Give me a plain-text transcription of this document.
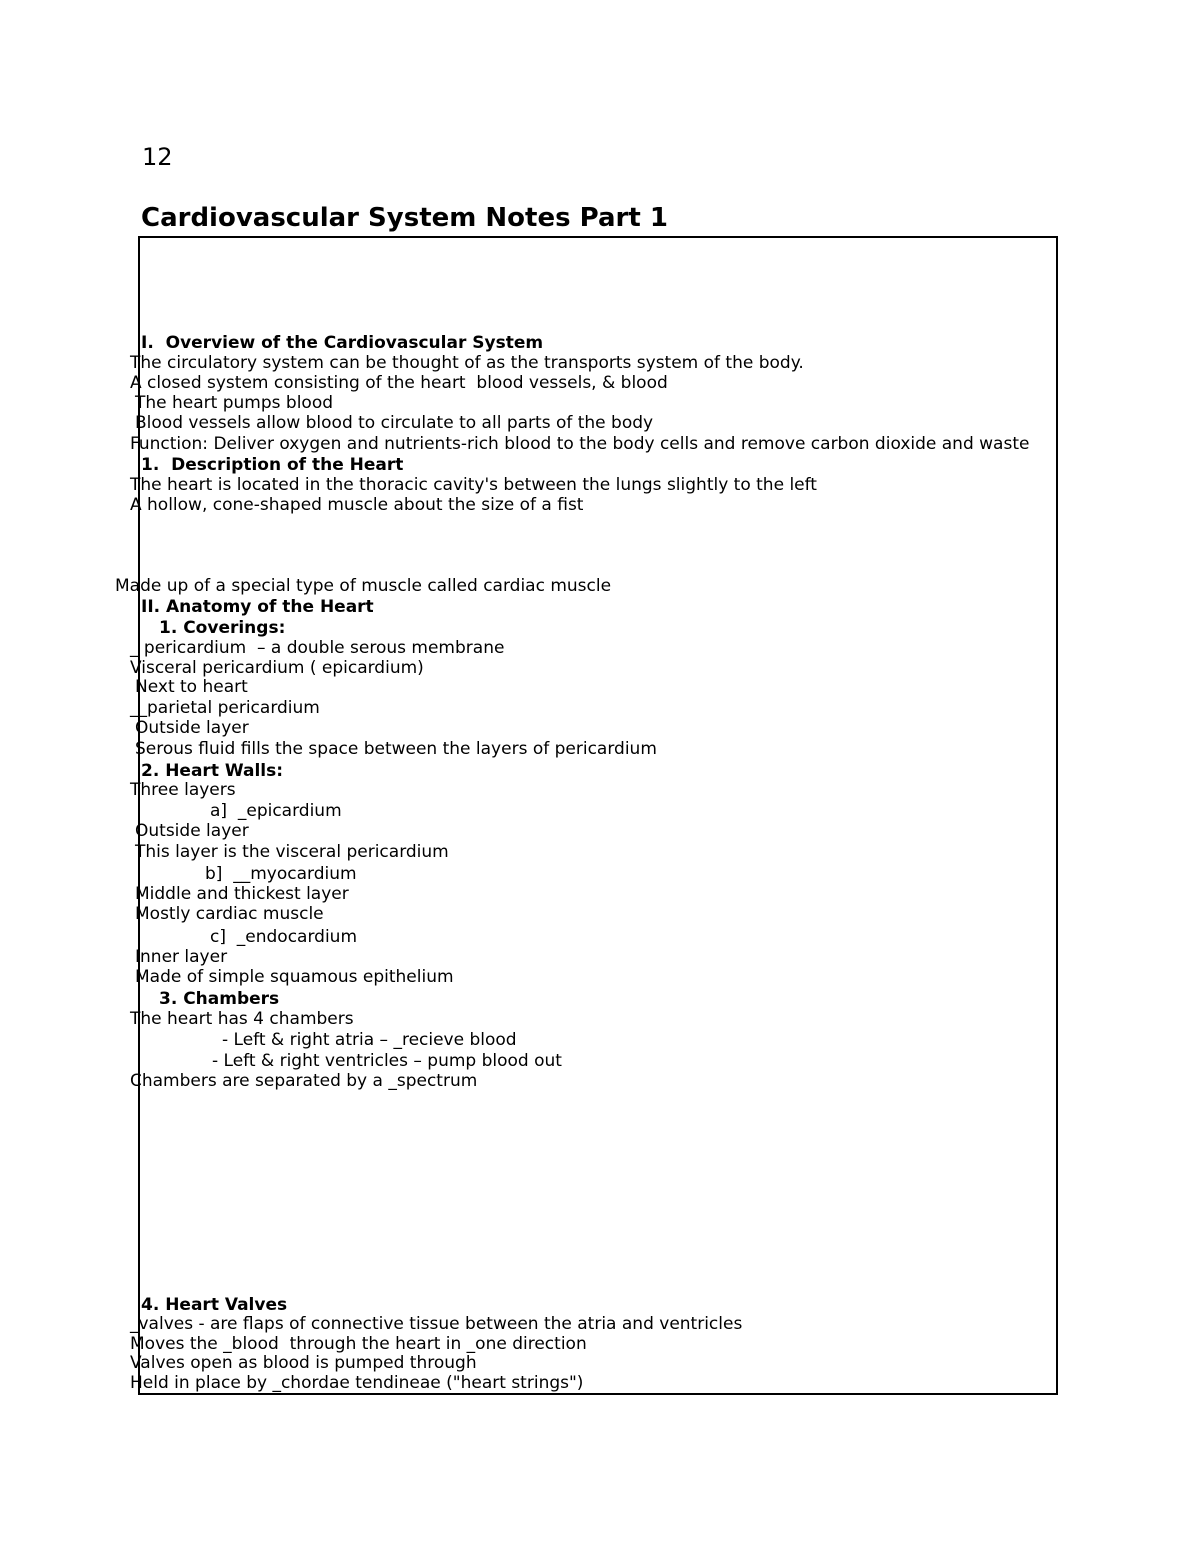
12
Cardiovascular System Notes Part 1
I.  Overview of the Cardiovascular System
The circulatory system can be thought of as the transports system of the body.
A closed system consisting of the heart  blood vessels, & blood
The heart pumps blood
Blood vessels allow blood to circulate to all parts of the body
Function: Deliver oxygen and nutrients-rich blood to the body cells and remove carbon dioxide and waste
1.  Description of the Heart
The heart is located in the thoracic cavity's between the lungs slightly to the left
A hollow, cone-shaped muscle about the size of a fist
Made up of a special type of muscle called cardiac muscle
II. Anatomy of the Heart
1. Coverings:
_ pericardium  – a double serous membrane
Visceral pericardium ( epicardium)
Next to heart
__parietal pericardium
Outside layer
Serous fluid fills the space between the layers of pericardium
2. Heart Walls:
Three layers
a]  _epicardium
Outside layer
This layer is the visceral pericardium
b]  __myocardium
Middle and thickest layer
Mostly cardiac muscle
c]  _endocardium
Inner layer
Made of simple squamous epithelium
3. Chambers
The heart has 4 chambers
- Left & right atria – _recieve blood
- Left & right ventricles – pump blood out
Chambers are separated by a _spectrum
4. Heart Valves
_valves - are flaps of connective tissue between the atria and ventricles
Moves the _blood  through the heart in _one direction
Valves open as blood is pumped through
Held in place by _chordae tendineae ("heart strings")
